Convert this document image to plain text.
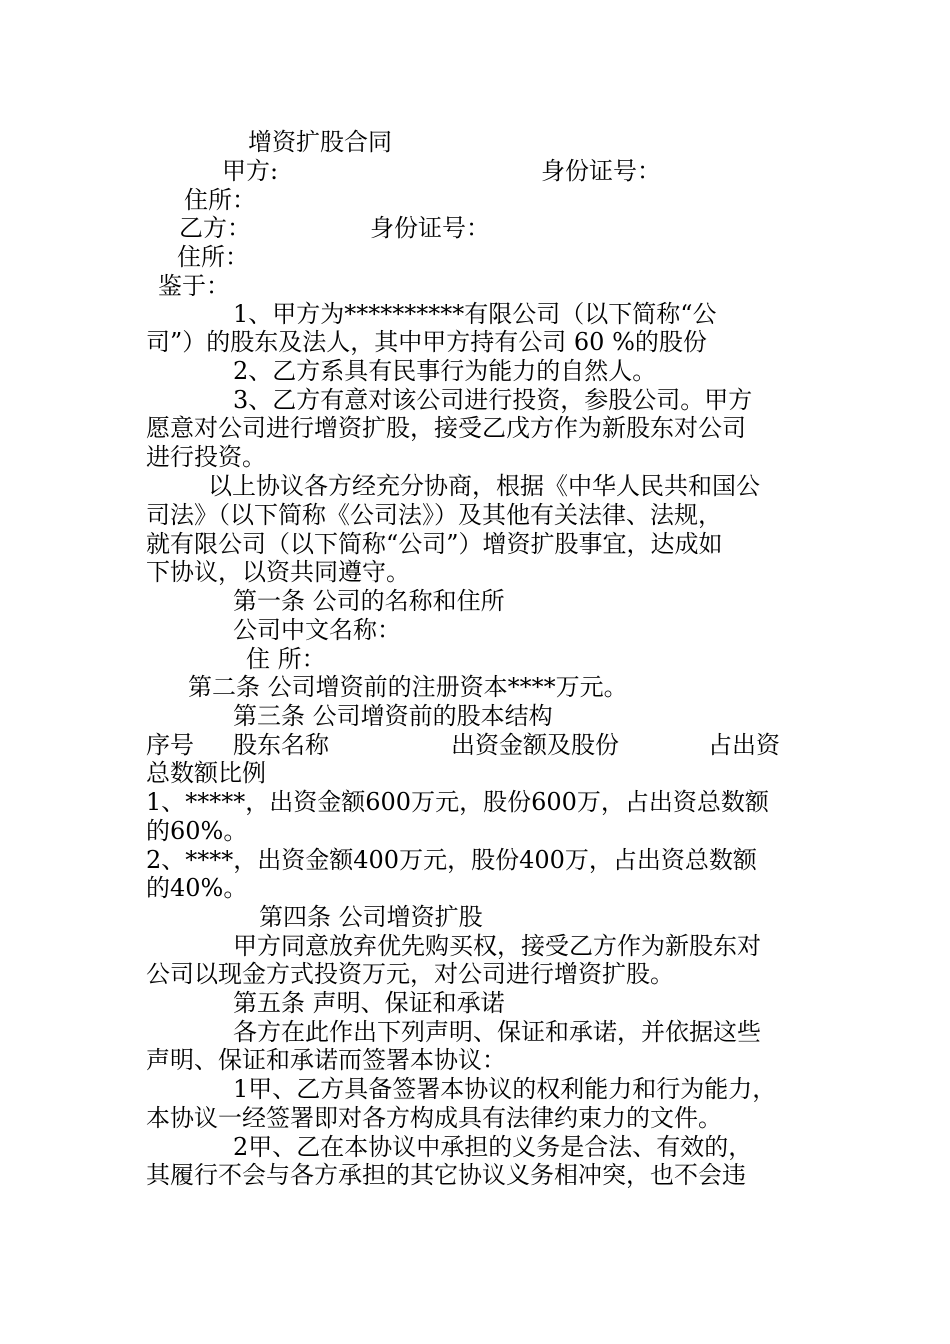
增资扩股合同
甲方:	身份证号：
住所：
乙方：	身份证号：
住所：
鉴于：
1、甲方为**********有限公司（以下简称“公
司”）的股东及法人，其中甲方持有公司 60 %的股份
2、乙方系具有民事行为能力的自然人。
3、乙方有意对该公司进行投资，参股公司。甲方
愿意对公司进行增资扩股，接受乙戊方作为新股东对公司
进行投资。
以上协议各方经充分协商，根据《中华人民共和国公
司法》（以下简称《公司法》）及其他有关法律、法规，
就有限公司（以下简称“公司”）增资扩股事宜，达成如
下协议，以资共同遵守。
第一条 公司的名称和住所
公司中文名称：
住 所：
第二条 公司增资前的注册资本****万元。
第三条 公司增资前的股本结构
序号 股东名称	出资金额及股份	占出资
总数额比例
1、*****，出资金额600万元，股份600万，占出资总数额
的60%。
2、****，出资金额400万元，股份400万，占出资总数额
的40%。
第四条 公司增资扩股
甲方同意放弃优先购买权，接受乙方作为新股东对
公司以现金方式投资万元，对公司进行增资扩股。
第五条 声明、保证和承诺
各方在此作出下列声明、保证和承诺，并依据这些
声明、保证和承诺而签署本协议：
1甲、乙方具备签署本协议的权利能力和行为能力，
本协议一经签署即对各方构成具有法律约束力的文件。
2甲、乙在本协议中承担的义务是合法、有效的，
其履行不会与各方承担的其它协议义务相冲突，也不会违
